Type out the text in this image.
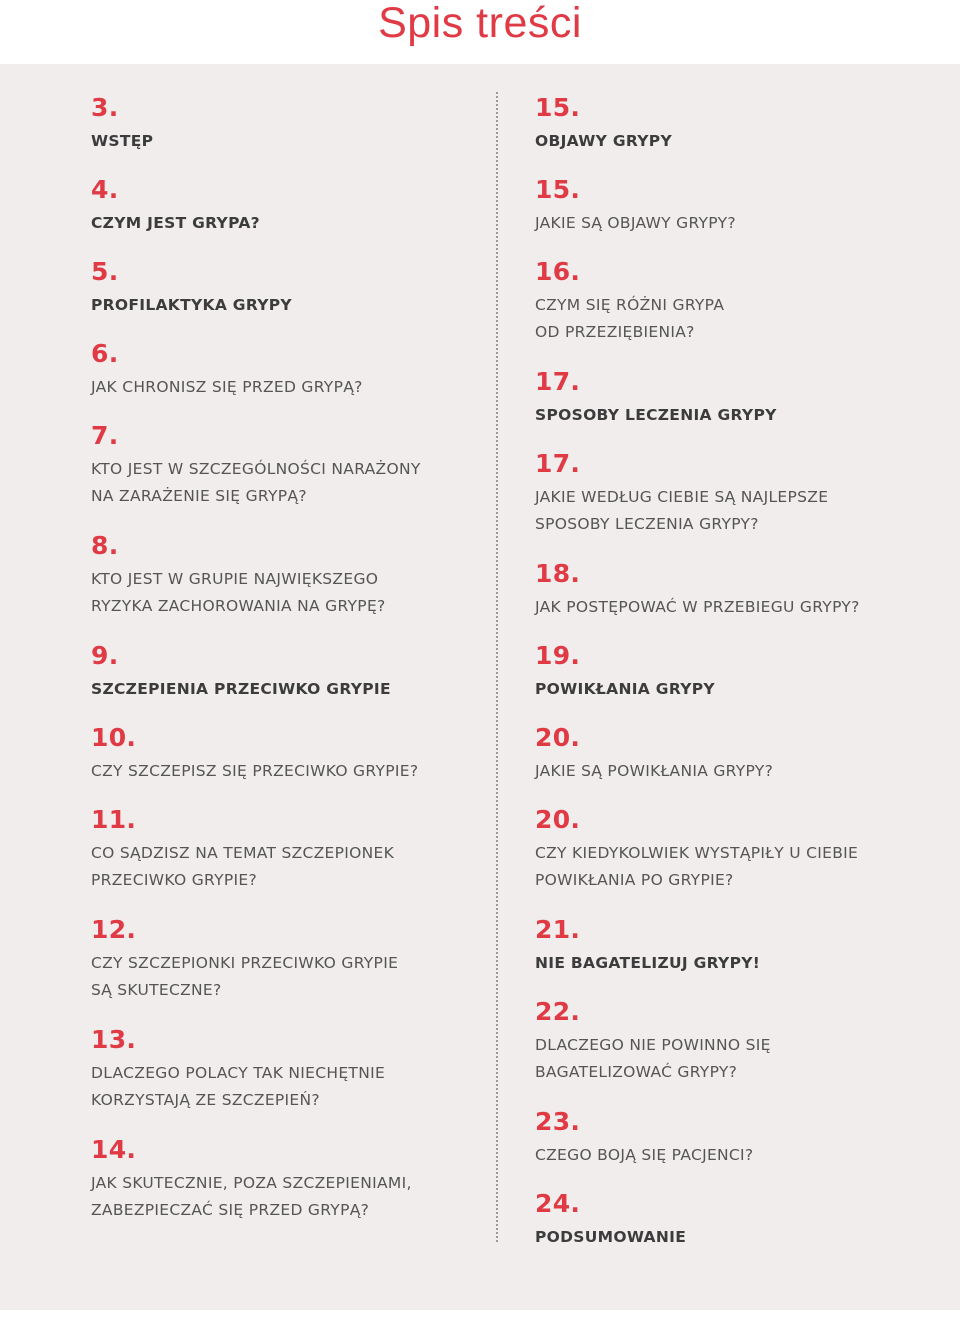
Spis treści
3.
WSTĘP
4.
CZYM JEST GRYPA?
5.
PROFILAKTYKA GRYPY
6.
JAK CHRONISZ SIĘ PRZED GRYPĄ?
7.
KTO JEST W SZCZEGÓLNOŚCI NARAŻONY
NA ZARAŻENIE SIĘ GRYPĄ?
8.
KTO JEST W GRUPIE NAJWIĘKSZEGO
RYZYKA ZACHOROWANIA NA GRYPĘ?
9.
SZCZEPIENIA PRZECIWKO GRYPIE
10.
CZY SZCZEPISZ SIĘ PRZECIWKO GRYPIE?
11.
CO SĄDZISZ NA TEMAT SZCZEPIONEK
PRZECIWKO GRYPIE?
12.
CZY SZCZEPIONKI PRZECIWKO GRYPIE
SĄ SKUTECZNE?
13.
DLACZEGO POLACY TAK NIECHĘTNIE
KORZYSTAJĄ ZE SZCZEPIEŃ?
14.
JAK SKUTECZNIE, POZA SZCZEPIENIAMI,
ZABEZPIECZAĆ SIĘ PRZED GRYPĄ?
15.
OBJAWY GRYPY
15.
JAKIE SĄ OBJAWY GRYPY?
16.
CZYM SIĘ RÓŻNI GRYPA
OD PRZEZIĘBIENIA?
17.
SPOSOBY LECZENIA GRYPY
17.
JAKIE WEDŁUG CIEBIE SĄ NAJLEPSZE
SPOSOBY LECZENIA GRYPY?
18.
JAK POSTĘPOWAĆ W PRZEBIEGU GRYPY?
19.
POWIKŁANIA GRYPY
20.
JAKIE SĄ POWIKŁANIA GRYPY?
20.
CZY KIEDYKOLWIEK WYSTĄPIŁY U CIEBIE
POWIKŁANIA PO GRYPIE?
21.
NIE BAGATELIZUJ GRYPY!
22.
DLACZEGO NIE POWINNO SIĘ
BAGATELIZOWAĆ GRYPY?
23.
CZEGO BOJĄ SIĘ PACJENCI?
24.
PODSUMOWANIE
